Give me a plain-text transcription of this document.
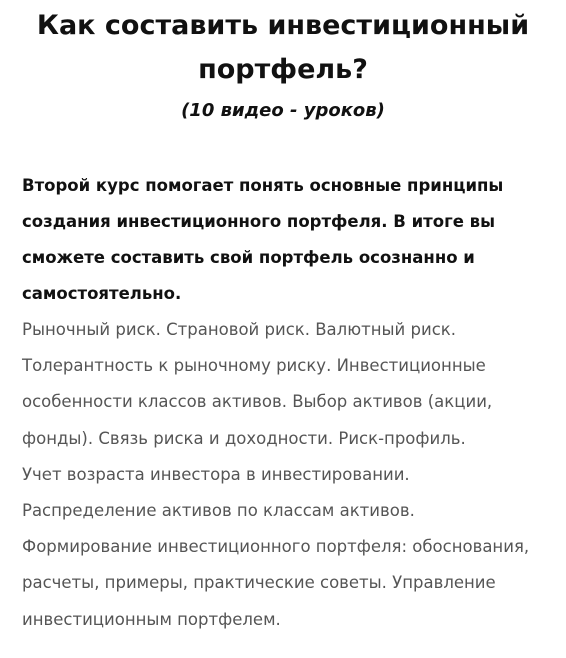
Как составить инвестиционный
портфель?

(10 видео - уроков)

Второй курс помогает понять основные принципы
создания инвестиционного портфеля. В итоге вы
сможете составить свой портфель осознанно и
самостоятельно.

Рыночный риск. Страновой риск. Валютный риск.
Толерантность к рыночному риску. Инвестиционные
особенности классов активов. Выбор активов (акции,
фонды). Связь риска и доходности. Риск-профиль.
Учет возраста инвестора в инвестировании.
Распределение активов по классам активов.
Формирование инвестиционного портфеля: обоснования,
расчеты, примеры, практические советы. Управление
инвестиционным портфелем.
